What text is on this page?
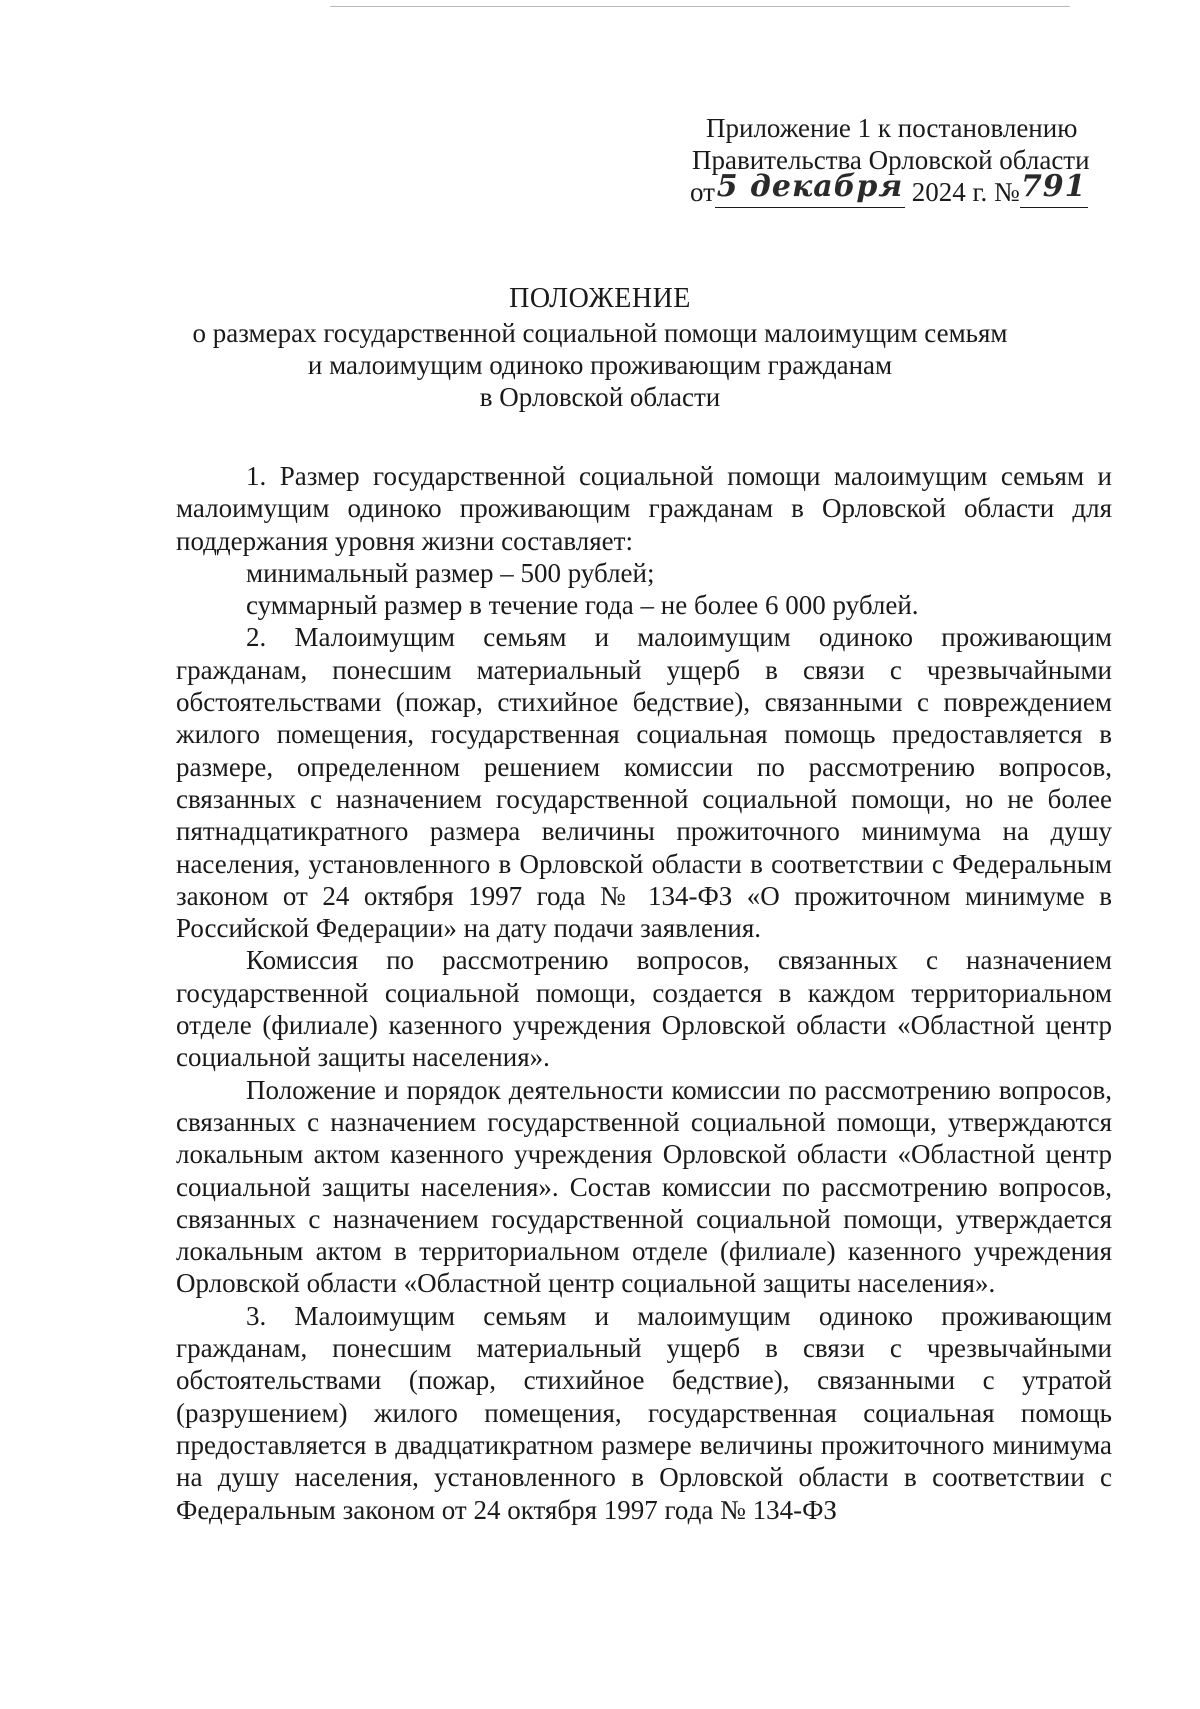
Приложение 1 к постановлению
Правительства Орловской области
от5 декабря 2024 г. №791
ПОЛОЖЕНИЕ
о размерах государственной социальной помощи малоимущим семьям
и малоимущим одиноко проживающим гражданам
в Орловской области

1. Размер государственной социальной помощи малоимущим семьям и малоимущим одиноко проживающим гражданам в Орловской области для поддержания уровня жизни составляет:

минимальный размер – 500 рублей;

суммарный размер в течение года – не более 6 000 рублей.

2. Малоимущим семьям и малоимущим одиноко проживающим гражданам, понесшим материальный ущерб в связи с чрезвычайными обстоятельствами (пожар, стихийное бедствие), связанными с повреждением жилого помещения, государственная социальная помощь предоставляется в размере, определенном решением комиссии по рассмотрению вопросов, связанных с назначением государственной социальной помощи, но не более пятнадцатикратного размера величины прожиточного минимума на душу населения, установленного в Орловской области в соответствии с Федеральным законом от 24 октября 1997 года № 134-ФЗ «О прожиточном минимуме в Российской Федерации» на дату подачи заявления.

Комиссия по рассмотрению вопросов, связанных с назначением государственной социальной помощи, создается в каждом территориальном отделе (филиале) казенного учреждения Орловской области «Областной центр социальной защиты населения».

Положение и порядок деятельности комиссии по рассмотрению вопросов, связанных с назначением государственной социальной помощи, утверждаются локальным актом казенного учреждения Орловской области «Областной центр социальной защиты населения». Состав комиссии по рассмотрению вопросов, связанных с назначением государственной социальной помощи, утверждается локальным актом в территориальном отделе (филиале) казенного учреждения Орловской области «Областной центр социальной защиты населения».

3. Малоимущим семьям и малоимущим одиноко проживающим гражданам, понесшим материальный ущерб в связи с чрезвычайными обстоятельствами (пожар, стихийное бедствие), связанными с утратой (разрушением) жилого помещения, государственная социальная помощь предоставляется в двадцатикратном размере величины прожиточного минимума на душу населения, установленного в Орловской области в соответствии с Федеральным законом от 24 октября 1997 года № 134-ФЗ
